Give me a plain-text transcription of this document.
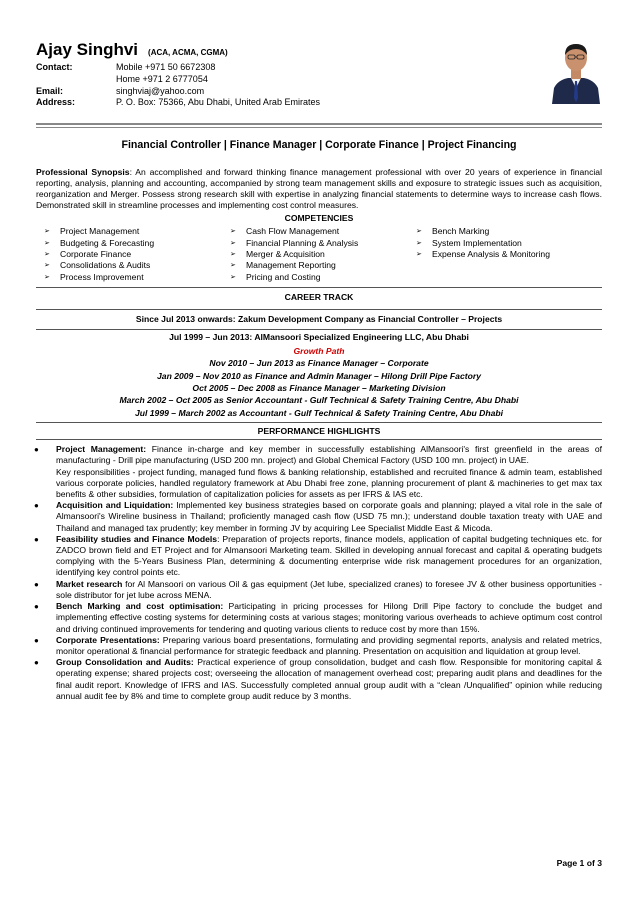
Ajay Singhvi (ACA, ACMA, CGMA)
Contact:	Mobile +971 50 6672308
Home +971 2 6777054
Email:	singhviaj@yahoo.com
Address:	P. O. Box: 75366, Abu Dhabi, United Arab Emirates
Financial Controller | Finance Manager | Corporate Finance | Project Financing
Professional Synopsis: An accomplished and forward thinking finance management professional with over 20 years of experience in financial reporting, analysis, planning and accounting, accompanied by strong team management skills and exposure to strategic issues such as acquisition, reorganization and Merger. Possess strong research skill with expertise in analyzing financial statements to determine ways to increase cash flows. Demonstrated skill in streamline processes and implementing cost control measures.
COMPETENCIES
➢	Project Management
➢	Budgeting & Forecasting
➢	Corporate Finance
➢	Consolidations & Audits
➢	Process Improvement
➢	Cash Flow Management
➢	Financial Planning & Analysis
➢	Merger & Acquisition
➢	Management Reporting
➢	Pricing and Costing
➢	Bench Marking
➢	System Implementation
➢	Expense Analysis & Monitoring
CAREER TRACK
Since Jul 2013 onwards: Zakum Development Company as Financial Controller – Projects
Jul 1999 – Jun 2013: AlMansoori Specialized Engineering LLC, Abu Dhabi
Growth Path
Nov 2010 – Jun 2013 as Finance Manager – Corporate
Jan 2009 – Nov 2010 as Finance and Admin Manager – Hilong Drill Pipe Factory
Oct 2005 – Dec 2008 as Finance Manager – Marketing Division
March 2002 – Oct 2005 as Senior Accountant - Gulf Technical & Safety Training Centre, Abu Dhabi
Jul 1999 – March 2002 as Accountant - Gulf Technical & Safety Training Centre, Abu Dhabi
PERFORMANCE HIGHLIGHTS
● Project Management: Finance in-charge and key member in successfully establishing AlMansoori's first greenfield in the areas of manufacturing - Drill pipe manufacturing (USD 200 mn. project) and Global Chemical Factory (USD 100 mn. project) in UAE.
Key responsibilities - project funding, managed fund flows & banking relationship, established and recruited finance & admin team, established various corporate policies, handled regulatory framework at Abu Dhabi free zone, planning procurement of plant & machineries to get max tax benefits & other subsidies, formulation of capitalization policies for assets as per IFRS & IAS etc.
● Acquisition and Liquidation: Implemented key business strategies based on corporate goals and planning; played a vital role in the sale of Almansoori's Wireline business in Thailand; proficiently managed cash flow (USD 75 mn.); understand double taxation treaty with UAE and Thailand and managed tax prudently; key member in forming JV by acquiring Lee Specialist Middle East & Micoda.
● Feasibility studies and Finance Models: Preparation of projects reports, finance models, application of capital budgeting techniques etc. for ZADCO brown field and ET Project and for Almansoori Marketing team. Skilled in developing annual forecast and capital & operating budgets complying with the 5-Years Business Plan, determining & documenting enterprise wide risk management procedures for an organization, identifying key control points etc.
● Market research for Al Mansoori on various Oil & gas equipment (Jet lube, specialized cranes) to foresee JV & other business opportunities - sole distributor for jet lube across MENA.
● Bench Marking and cost optimisation: Participating in pricing processes for Hilong Drill Pipe factory to conclude the budget and implementing effective costing systems for determining costs at various stages; monitoring various overheads to achieve optimum cost control and driving continued improvements for tendering and quoting various clients to reduce cost by more than 15%.
● Corporate Presentations: Preparing various board presentations, formulating and providing segmental reports, analysis and related metrics, monitor operational & financial performance for strategic feedback and planning. Presentation on acquisition and liquidation at group level.
● Group Consolidation and Audits: Practical experience of group consolidation, budget and cash flow. Responsible for monitoring capital & operating expense; shared projects cost; overseeing the allocation of management overhead cost; preparing audit plans and deadlines for the final audit report. Knowledge of IFRS and IAS. Successfully completed annual group audit with a “clean /Unqualified” opinion while reducing annual audit fee by 8% and time to complete group audit reduce by 3 months.
Page 1 of 3
